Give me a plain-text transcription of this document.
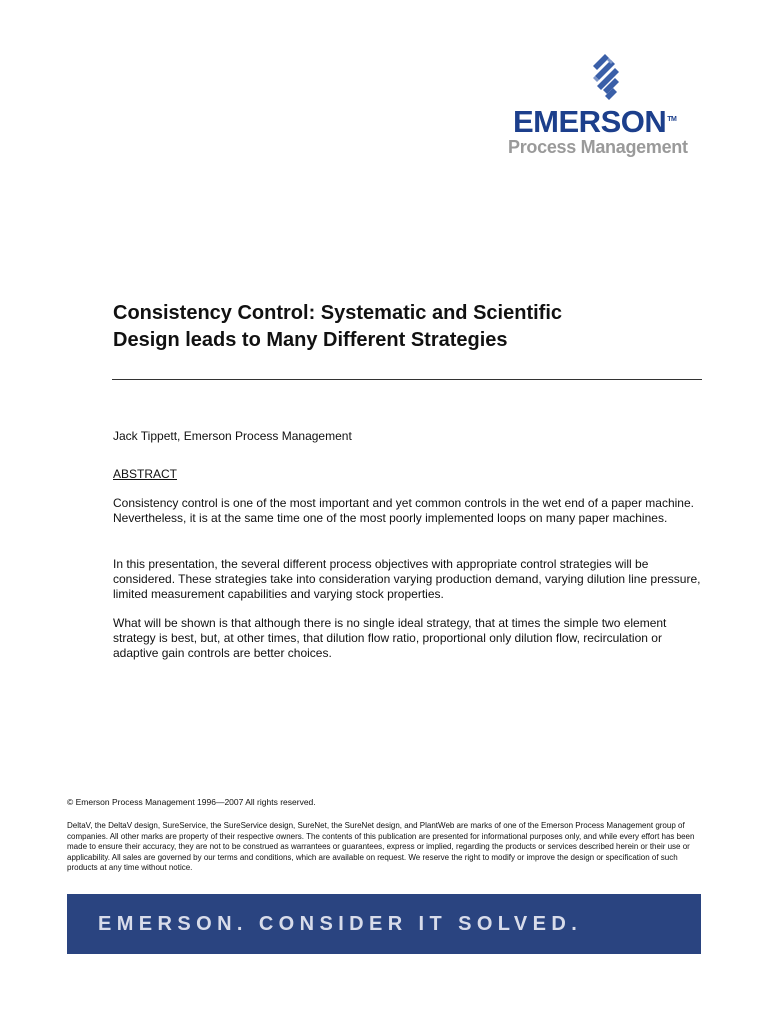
EMERSON™
Process Management
Consistency Control: Systematic and Scientific
Design leads to Many Different Strategies
Jack Tippett, Emerson Process Management
ABSTRACT

Consistency control is one of the most important and yet common controls in the wet end of a paper machine. Nevertheless, it is at the same time one of the most poorly implemented loops on many paper machines.

In this presentation, the several different process objectives with appropriate control strategies will be considered. These strategies take into consideration varying production demand, varying dilution line pressure, limited measurement capabilities and varying stock properties.

What will be shown is that although there is no single ideal strategy, that at times the simple two element strategy is best, but, at other times, that dilution flow ratio, proportional only dilution flow, recirculation or adaptive gain controls are better choices.

© Emerson Process Management 1996—2007 All rights reserved.

DeltaV, the DeltaV design, SureService, the SureService design, SureNet, the SureNet design, and PlantWeb are marks of one of the Emerson Process Management group of companies. All other marks are property of their respective owners. The contents of this publication are presented for informational purposes only, and while every effort has been made to ensure their accuracy, they are not to be construed as warrantees or guarantees, express or implied, regarding the products or services described herein or their use or applicability. All sales are governed by our terms and conditions, which are available on request. We reserve the right to modify or improve the design or specification of such products at any time without notice.

EMERSON. CONSIDER IT SOLVED.
